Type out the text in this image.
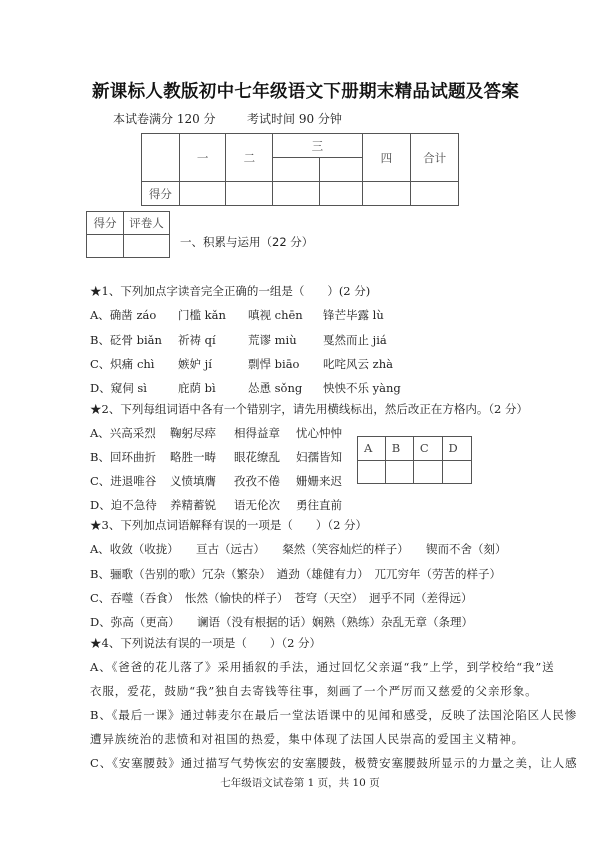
新课标人教版初中七年级语文下册期末精品试题及答案
本试卷满分 120 分	考试时间 90 分钟
	一	二	三		四	合计

得分						
得分	评卷人

一、积累与运用（22 分）
★1、下列加点字读音完全正确的一组是（　　）(2 分)
A、确凿 záo 门槛 kǎn 嗔视 chēn 锋芒毕露 lù
B、砭骨 biǎn 祈祷 qí	荒谬 miù 戛然而止 jiá
C、炽痛 chì 嫉妒 jí	剽悍 biāo 叱咤风云 zhà
D、窥伺 sì	庇荫 bì	怂恿 sǒng 怏怏不乐 yàng
★2、下列每组词语中各有一个错别字，请先用横线标出，然后改正在方格内。（2 分）
A、兴高采烈 鞠躬尽瘁 相得益章 忧心忡忡
B、回环曲折 略胜一畴 眼花缭乱 妇孺皆知
C、进退唯谷 义愤填膺 孜孜不倦 姗姗来迟
D、迫不急待 养精蓄锐 语无伦次 勇往直前
A	B	C	D

★3、下列加点词语解释有误的一项是（　　）（2 分）
A、收敛（收拢）　　亘古（远古）　　粲然（笑容灿烂的样子）　　锲而不舍（刻）
B、骊歌（告别的歌）冗杂（繁杂）　遒劲（雄健有力）　兀兀穷年（劳苦的样子）
C、吞噬（吞食）　怅然（愉快的样子）　苍穹（天空）　迥乎不同（差得远）
D、弥高（更高）　　谰语（没有根据的话）娴熟（熟练）杂乱无章（条理）
★4、下列说法有误的一项是（　　）（2 分）
A、《爸爸的花儿落了》采用插叙的手法，通过回忆父亲逼“我”上学，到学校给“我”送
衣服，爱花，鼓励“我”独自去寄钱等往事，刻画了一个严厉而又慈爱的父亲形象。
B、《最后一课》通过韩麦尔在最后一堂法语课中的见闻和感受，反映了法国沦陷区人民惨
遭异族统治的悲愤和对祖国的热爱，集中体现了法国人民崇高的爱国主义精神。
C、《安塞腰鼓》通过描写气势恢宏的安塞腰鼓，极赞安塞腰鼓所显示的力量之美，让人感
七年级语文试卷第 1 页，共 10 页
